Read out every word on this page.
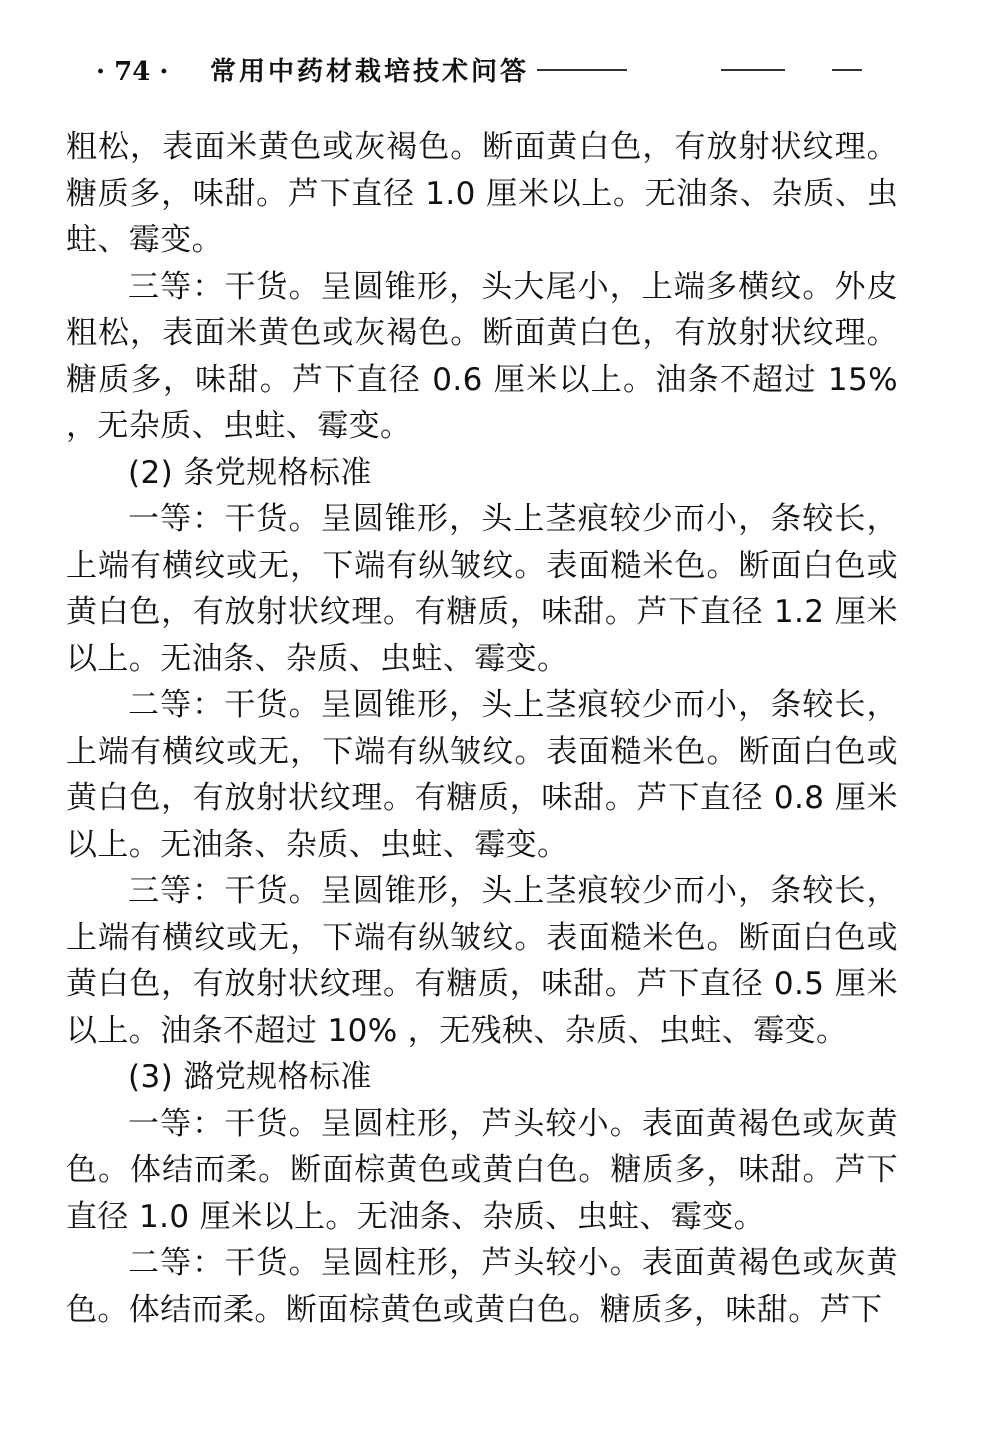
· 74 · 常用中药材栽培技术问答

粗松，表面米黄色或灰褐色。断面黄白色，有放射状纹理。糖质多，味甜。芦下直径 1.0 厘米以上。无油条、杂质、虫蛀、霉变。

三等：干货。呈圆锥形，头大尾小，上端多横纹。外皮粗松，表面米黄色或灰褐色。断面黄白色，有放射状纹理。糖质多，味甜。芦下直径 0.6 厘米以上。油条不超过 15% ，无杂质、虫蛀、霉变。

(2) 条党规格标准

一等：干货。呈圆锥形，头上茎痕较少而小，条较长，上端有横纹或无，下端有纵皱纹。表面糙米色。断面白色或黄白色，有放射状纹理。有糖质，味甜。芦下直径 1.2 厘米以上。无油条、杂质、虫蛀、霉变。

二等：干货。呈圆锥形，头上茎痕较少而小，条较长，上端有横纹或无，下端有纵皱纹。表面糙米色。断面白色或黄白色，有放射状纹理。有糖质，味甜。芦下直径 0.8 厘米以上。无油条、杂质、虫蛀、霉变。

三等：干货。呈圆锥形，头上茎痕较少而小，条较长，上端有横纹或无，下端有纵皱纹。表面糙米色。断面白色或黄白色，有放射状纹理。有糖质，味甜。芦下直径 0.5 厘米以上。油条不超过 10% ，无残秧、杂质、虫蛀、霉变。

(3) 潞党规格标准

一等：干货。呈圆柱形，芦头较小。表面黄褐色或灰黄色。体结而柔。断面棕黄色或黄白色。糖质多，味甜。芦下直径 1.0 厘米以上。无油条、杂质、虫蛀、霉变。

二等：干货。呈圆柱形，芦头较小。表面黄褐色或灰黄色。体结而柔。断面棕黄色或黄白色。糖质多，味甜。芦下
